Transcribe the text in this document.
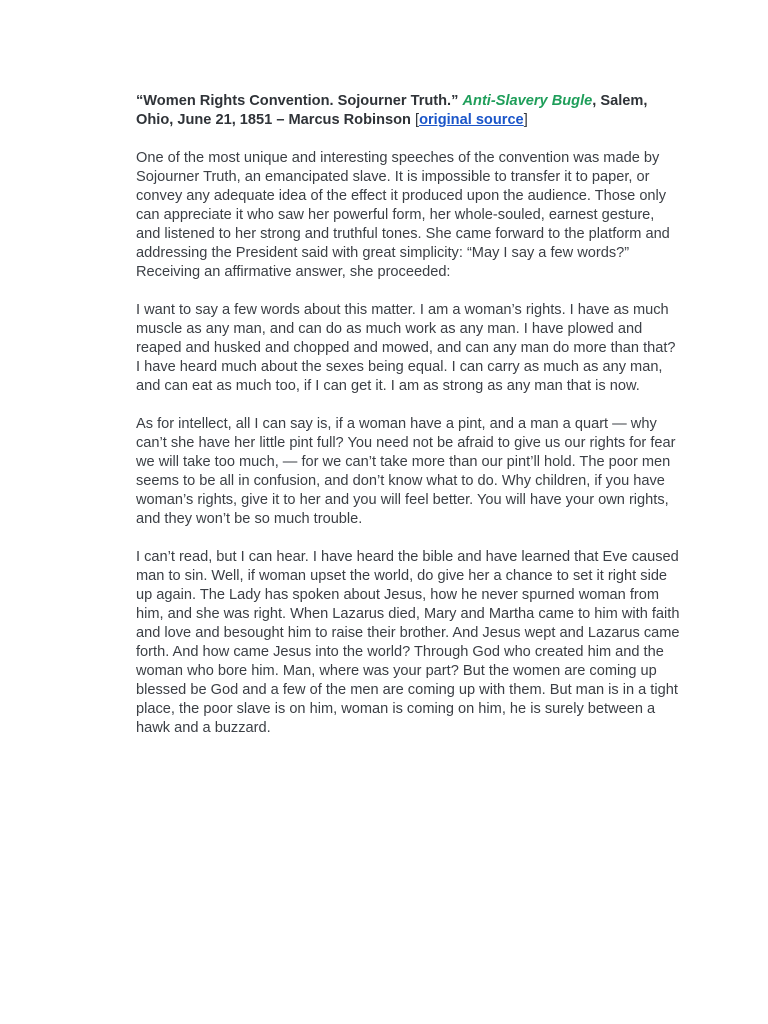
“Women Rights Convention. Sojourner Truth.” Anti-Slavery Bugle, Salem, Ohio, June 21, 1851 – Marcus Robinson [original source]

One of the most unique and interesting speeches of the convention was made by Sojourner Truth, an emancipated slave. It is impossible to transfer it to paper, or convey any adequate idea of the effect it produced upon the audience. Those only can appreciate it who saw her powerful form, her whole-souled, earnest gesture, and listened to her strong and truthful tones. She came forward to the platform and addressing the President said with great simplicity: “May I say a few words?” Receiving an affirmative answer, she proceeded:

I want to say a few words about this matter. I am a woman’s rights. I have as much muscle as any man, and can do as much work as any man. I have plowed and reaped and husked and chopped and mowed, and can any man do more than that? I have heard much about the sexes being equal. I can carry as much as any man, and can eat as much too, if I can get it. I am as strong as any man that is now.

As for intellect, all I can say is, if a woman have a pint, and a man a quart — why can’t she have her little pint full? You need not be afraid to give us our rights for fear we will take too much, — for we can’t take more than our pint’ll hold. The poor men seems to be all in confusion, and don’t know what to do. Why children, if you have woman’s rights, give it to her and you will feel better. You will have your own rights, and they won’t be so much trouble.

I can’t read, but I can hear. I have heard the bible and have learned that Eve caused man to sin. Well, if woman upset the world, do give her a chance to set it right side up again. The Lady has spoken about Jesus, how he never spurned woman from him, and she was right. When Lazarus died, Mary and Martha came to him with faith and love and besought him to raise their brother. And Jesus wept and Lazarus came forth. And how came Jesus into the world? Through God who created him and the woman who bore him. Man, where was your part? But the women are coming up blessed be God and a few of the men are coming up with them. But man is in a tight place, the poor slave is on him, woman is coming on him, he is surely between a hawk and a buzzard.
